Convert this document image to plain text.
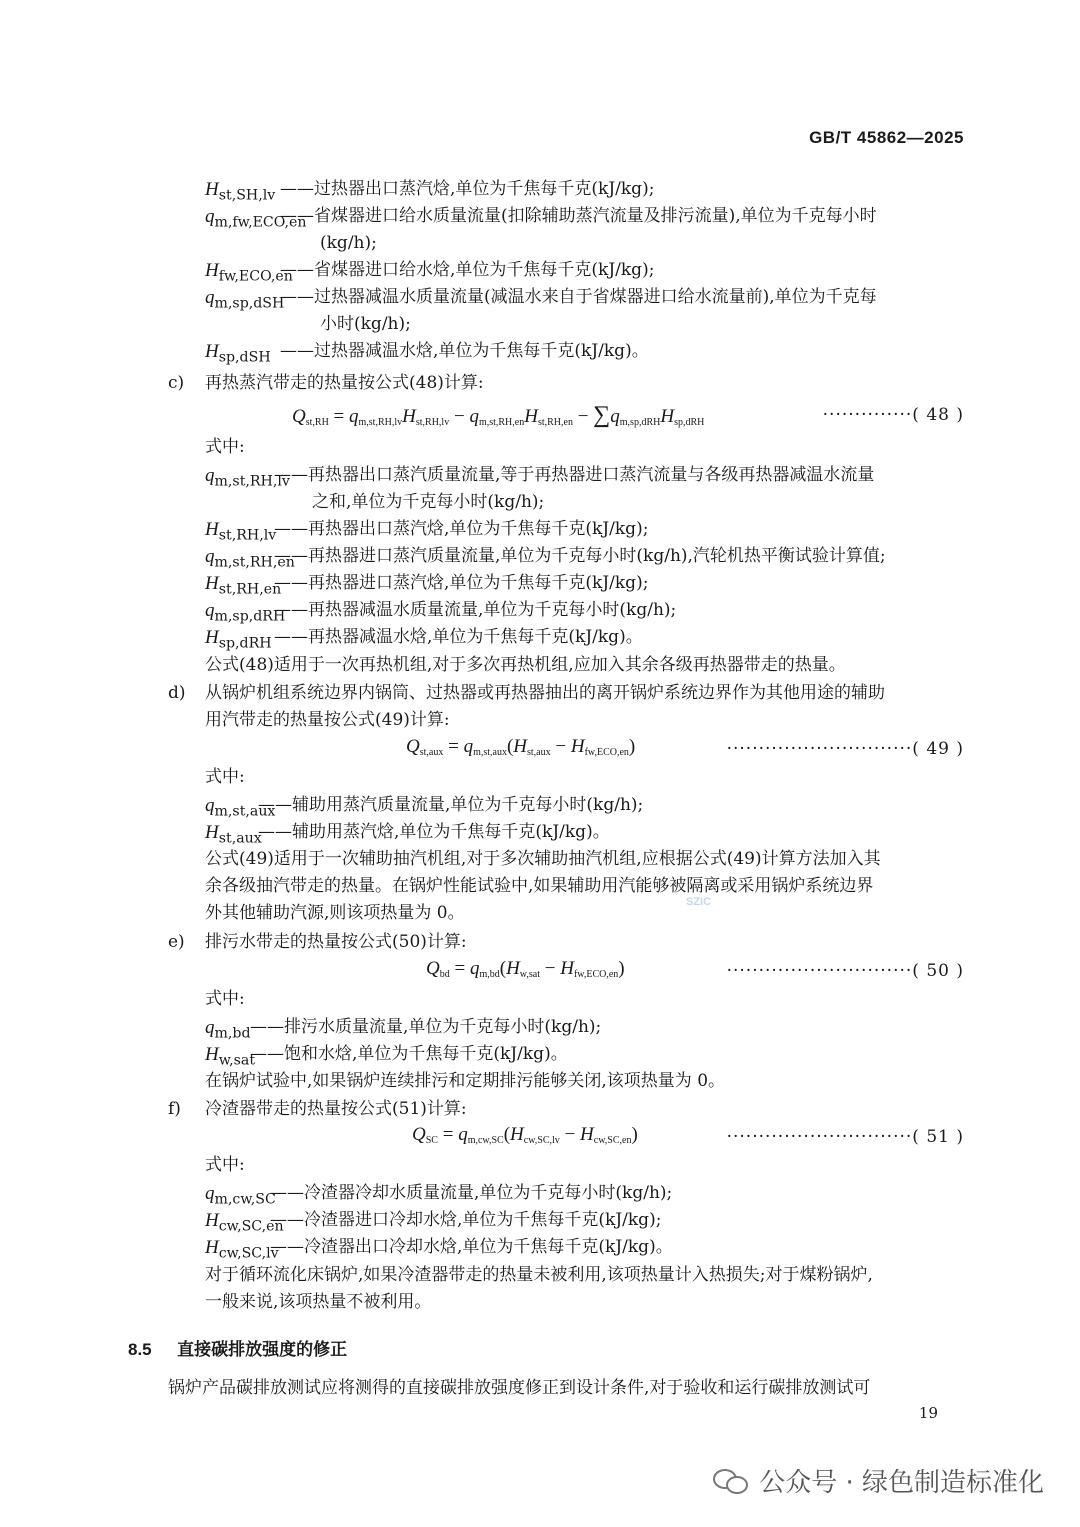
GB/T 45862—2025
$H_{st,SH,lv}$ ——过热器出口蒸汽焓,单位为千焦每千克(kJ/kg);
$q_{m,fw,ECO,en}$
——省煤器进口给水质量流量(扣除辅助蒸汽流量及排污流量),单位为千克每小时
(kg/h);
$H_{fw,ECO,en}$
——省煤器进口给水焓,单位为千焦每千克(kJ/kg);
$q_{m,sp,dSH}$
——过热器减温水质量流量(减温水来自于省煤器进口给水流量前),单位为千克每
小时(kg/h);
$H_{sp,dSH}$ ——过热器减温水焓,单位为千焦每千克(kJ/kg)。
c) 再热蒸汽带走的热量按公式(48)计算:
$Q_{st,RH} = q_{m,st,RH,lv}H_{st,RH,lv} - q_{m,st,RH,en}H_{st,RH,en} - \sum q_{m,sp,dRH}H_{sp,dRH}$	··············( 48 )
式中:
$q_{m,st,RH,lv}$
——再热器出口蒸汽质量流量,等于再热器进口蒸汽流量与各级再热器减温水流量
之和,单位为千克每小时(kg/h);
$H_{st,RH,lv}$
——再热器出口蒸汽焓,单位为千焦每千克(kJ/kg);
$q_{m,st,RH,en}$
——再热器进口蒸汽质量流量,单位为千克每小时(kg/h),汽轮机热平衡试验计算值;
$H_{st,RH,en}$
——再热器进口蒸汽焓,单位为千焦每千克(kJ/kg);
$q_{m,sp,dRH}$
——再热器减温水质量流量,单位为千克每小时(kg/h);
$H_{sp,dRH}$ ——再热器减温水焓,单位为千焦每千克(kJ/kg)。
公式(48)适用于一次再热机组,对于多次再热机组,应加入其余各级再热器带走的热量。
d) 从锅炉机组系统边界内锅筒、过热器或再热器抽出的离开锅炉系统边界作为其他用途的辅助
用汽带走的热量按公式(49)计算:
$Q_{st,aux} = q_{m,st,aux}(H_{st,aux} - H_{fw,ECO,en})$	·····························( 49 )
式中:
$q_{m,st,aux}$
——辅助用蒸汽质量流量,单位为千克每小时(kg/h);
$H_{st,aux}$
——辅助用蒸汽焓,单位为千焦每千克(kJ/kg)。
公式(49)适用于一次辅助抽汽机组,对于多次辅助抽汽机组,应根据公式(49)计算方法加入其
余各级抽汽带走的热量。在锅炉性能试验中,如果辅助用汽能够被隔离或采用锅炉系统边界
外其他辅助汽源,则该项热量为 0。
SZIC
e) 排污水带走的热量按公式(50)计算:
$Q_{bd} = q_{m,bd}(H_{w,sat} - H_{fw,ECO,en})$	·····························( 50 )
式中:
$q_{m,bd}$ ——排污水质量流量,单位为千克每小时(kg/h);
$H_{w,sat}$
——饱和水焓,单位为千焦每千克(kJ/kg)。
在锅炉试验中,如果锅炉连续排污和定期排污能够关闭,该项热量为 0。
f) 冷渣器带走的热量按公式(51)计算:
$Q_{SC} = q_{m,cw,SC}(H_{cw,SC,lv} - H_{cw,SC,en})$	·····························( 51 )
式中:
$q_{m,cw,SC}$
——冷渣器冷却水质量流量,单位为千克每小时(kg/h);
$H_{cw,SC,en}$
——冷渣器进口冷却水焓,单位为千焦每千克(kJ/kg);
$H_{cw,SC,lv}$
——冷渣器出口冷却水焓,单位为千焦每千克(kJ/kg)。
对于循环流化床锅炉,如果冷渣器带走的热量未被利用,该项热量计入热损失;对于煤粉锅炉,
一般来说,该项热量不被利用。
8.5 直接碳排放强度的修正
锅炉产品碳排放测试应将测得的直接碳排放强度修正到设计条件,对于验收和运行碳排放测试可
19
公众号 · 绿色制造标准化
